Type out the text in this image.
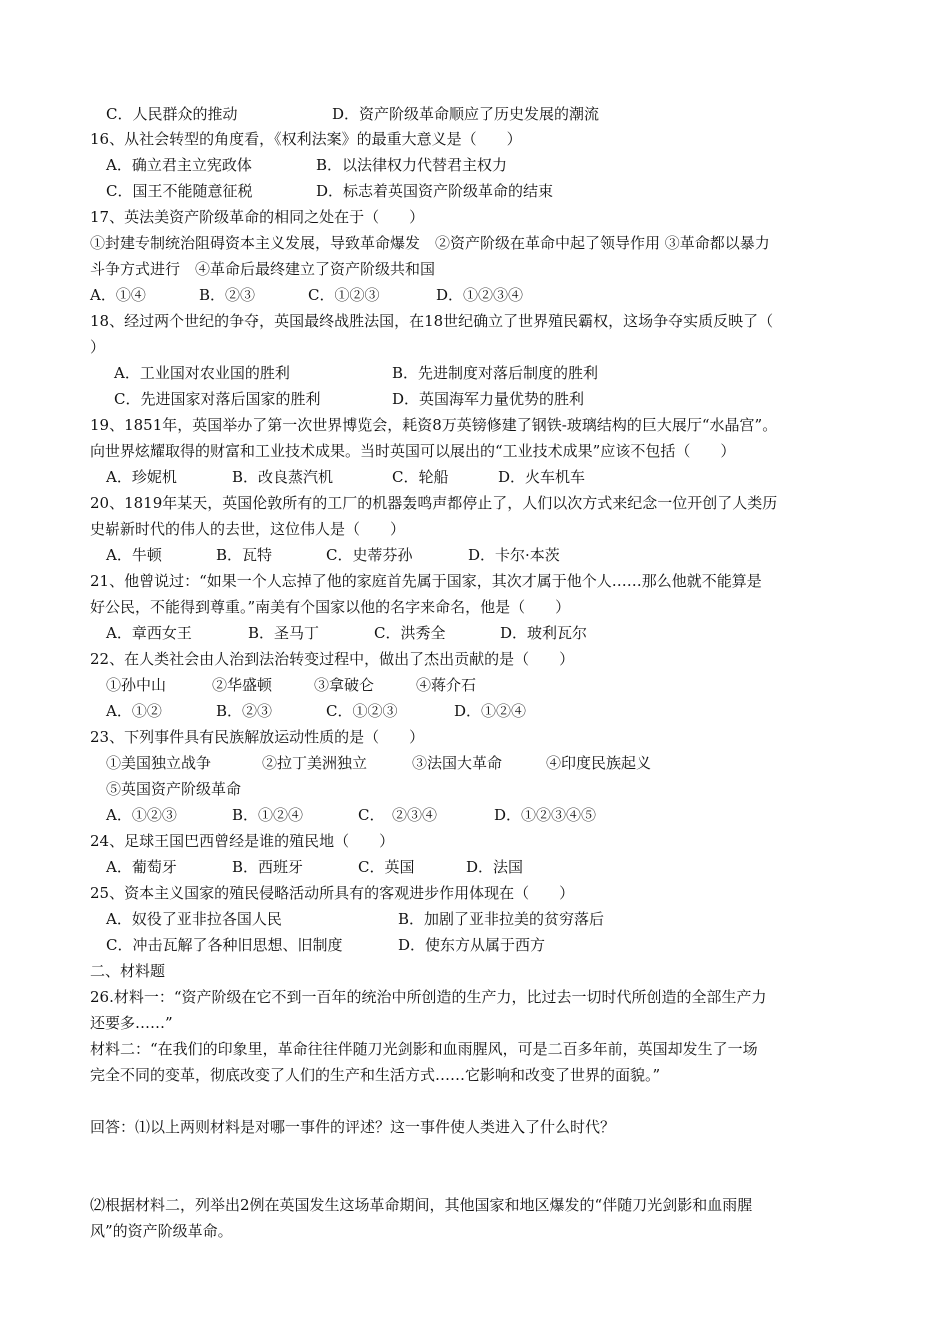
C．人民群众的推动	D．资产阶级革命顺应了历史发展的潮流
16、从社会转型的角度看，《权利法案》的最重大意义是（　　）
A．确立君主立宪政体	B．以法律权力代替君主权力
C．国王不能随意征税	D．标志着英国资产阶级革命的结束
17、英法美资产阶级革命的相同之处在于（　　）
①封建专制统治阻碍资本主义发展，导致革命爆发　②资产阶级在革命中起了领导作用 ③革命都以暴力
斗争方式进行　④革命后最终建立了资产阶级共和国
A．①④	B．②③	C．①②③	D．①②③④
18、经过两个世纪的争夺，英国最终战胜法国，在18世纪确立了世界殖民霸权，这场争夺实质反映了（
）
A．工业国对农业国的胜利	B．先进制度对落后制度的胜利
C．先进国家对落后国家的胜利	D．英国海军力量优势的胜利
19、1851年，英国举办了第一次世界博览会，耗资8万英镑修建了钢铁-玻璃结构的巨大展厅“水晶宫”。
向世界炫耀取得的财富和工业技术成果。当时英国可以展出的“工业技术成果”应该不包括（　　）
A．珍妮机	B．改良蒸汽机	C．轮船	D．火车机车
20、1819年某天，英国伦敦所有的工厂的机器轰鸣声都停止了，人们以次方式来纪念一位开创了人类历
史崭新时代的伟人的去世，这位伟人是（　　）
A．牛顿	B．瓦特	C．史蒂芬孙	D．卡尔·本茨
21、他曾说过：“如果一个人忘掉了他的家庭首先属于国家，其次才属于他个人……那么他就不能算是
好公民，不能得到尊重。”南美有个国家以他的名字来命名，他是（　　）
A．章西女王	B．圣马丁	C．洪秀全	D．玻利瓦尔
22、在人类社会由人治到法治转变过程中，做出了杰出贡献的是（　　）
①孙中山	②华盛顿	③拿破仑	④蒋介石
A．①②	B．②③	C．①②③	D．①②④
23、下列事件具有民族解放运动性质的是（　　）
①美国独立战争	②拉丁美洲独立	③法国大革命	④印度民族起义
⑤英国资产阶级革命
A．①②③	B．①②④	C．　②③④	D．①②③④⑤
24、足球王国巴西曾经是谁的殖民地（　　）
A．葡萄牙	B．西班牙	C．英国	D．法国
25、资本主义国家的殖民侵略活动所具有的客观进步作用体现在（　　）
A．奴役了亚非拉各国人民	B．加剧了亚非拉美的贫穷落后
C．冲击瓦解了各种旧思想、旧制度	D．使东方从属于西方
二、材料题
26.材料一：“资产阶级在它不到一百年的统治中所创造的生产力，比过去一切时代所创造的全部生产力
还要多……”
材料二：“在我们的印象里，革命往往伴随刀光剑影和血雨腥风，可是二百多年前，英国却发生了一场
完全不同的变革，彻底改变了人们的生产和生活方式……它影响和改变了世界的面貌。”
回答：⑴以上两则材料是对哪一事件的评述？这一事件使人类进入了什么时代？
⑵根据材料二，列举出2例在英国发生这场革命期间，其他国家和地区爆发的“伴随刀光剑影和血雨腥
风”的资产阶级革命。
